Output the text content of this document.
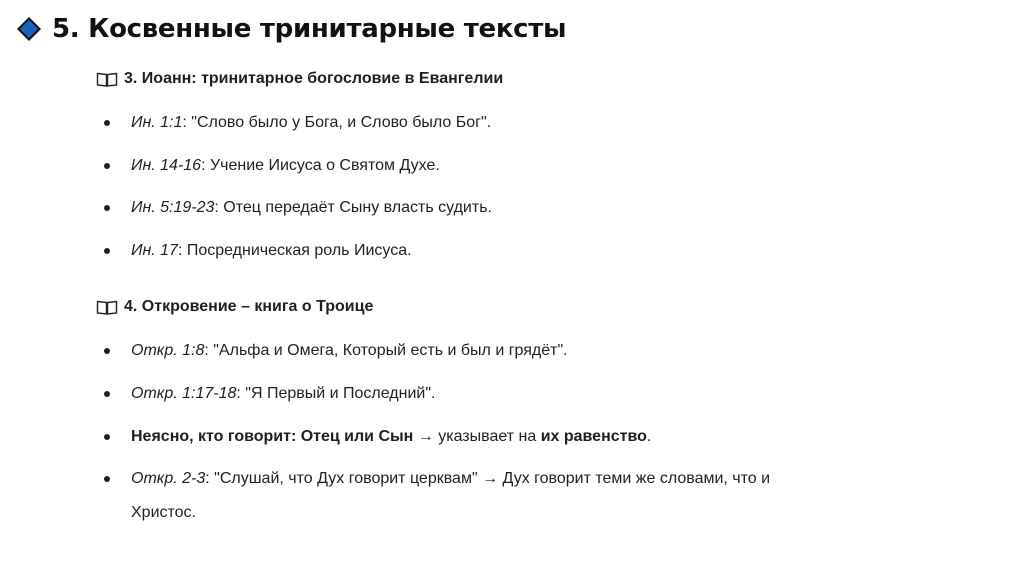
5. Косвенные тринитарные тексты
3. Иоанн: тринитарное богословие в Евангелии
Ин. 1:1: "Слово было у Бога, и Слово было Бог".
Ин. 14-16: Учение Иисуса о Святом Духе.
Ин. 5:19-23: Отец передаёт Сыну власть судить.
Ин. 17: Посредническая роль Иисуса.
4. Откровение – книга о Троице
Откр. 1:8: "Альфа и Омега, Который есть и был и грядёт".
Откр. 1:17-18: "Я Первый и Последний".
Неясно, кто говорит: Отец или Сын → указывает на их равенство.
Откр. 2-3: "Слушай, что Дух говорит церквам" → Дух говорит теми же словами, что и
Христос.
